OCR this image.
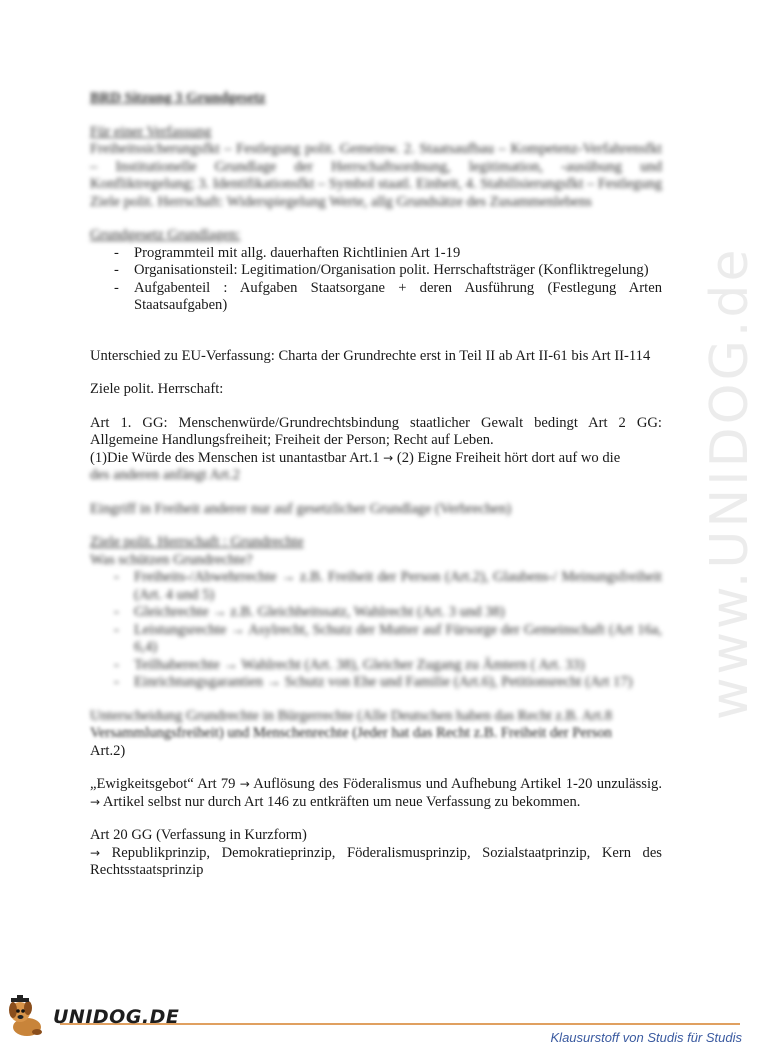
www.UNIDOG.de

BRD Sitzung 3 Grundgesetz

Für einer Verfassung

Freiheitssicherungsfkt – Festlegung polit. Gemeinw. 2. Staatsaufbau – Kompetenz-Verfahrensfkt – Institutionelle Grundlage der Herrschaftsordnung, legitimation, -ausübung und Konfliktregelung; 3. Identifikationsfkt – Symbol staatl. Einheit, 4. Stabilisierungsfkt – Festlegung Ziele polit. Herrschaft: Widerspiegelung Werte, allg Grundsätze des Zusammenlebens

Grundgesetz Grundlagen:

- Programmteil mit allg. dauerhaften Richtlinien Art 1-19
- Organisationsteil: Legitimation/Organisation polit. Herrschaftsträger (Konfliktregelung)
- Aufgabenteil : Aufgaben Staatsorgane + deren Ausführung (Festlegung Arten Staatsaufgaben)

Unterschied zu EU-Verfassung: Charta der Grundrechte erst in Teil II ab Art II-61 bis Art II-114

Ziele polit. Herrschaft:

Art 1. GG: Menschenwürde/Grundrechtsbindung staatlicher Gewalt bedingt Art 2 GG: Allgemeine Handlungsfreiheit; Freiheit der Person; Recht auf Leben.

(1)Die Würde des Menschen ist unantastbar Art.1 → (2) Eigne Freiheit hört dort auf wo die

des anderen anfängt Art.2

Eingriff in Freiheit anderer nur auf gesetzlicher Grundlage (Verbrechen)

Ziele polit. Herrschaft : Grundrechte

Was schützen Grundrechte?

- Freiheits-/Abwehrrechte → z.B. Freiheit der Person (Art.2), Glaubens-/ Meinungsfreiheit (Art. 4 und 5)
- Gleichrechte → z.B. Gleichheitssatz, Wahlrecht (Art. 3 und 38)
- Leistungsrechte → Asylrecht, Schutz der Mutter auf Fürsorge der Gemeinschaft (Art 16a, 6,4)
- Teilhaberechte → Wahlrecht (Art. 38), Gleicher Zugang zu Ämtern ( Art. 33)
- Einrichtungsgarantien → Schutz von Ehe und Familie (Art.6), Petitionsrecht (Art 17)

Unterscheidung Grundrechte in Bürgerrechte (Alle Deutschen haben das Recht z.B. Art.8

Versammlungsfreiheit) und Menschenrechte (Jeder hat das Recht z.B. Freiheit der Person

Art.2)

„Ewigkeitsgebot“ Art 79 → Auflösung des Föderalismus und Aufhebung Artikel 1-20 unzulässig. → Artikel selbst nur durch Art 146 zu entkräften um neue Verfassung zu bekommen.

Art 20 GG (Verfassung in Kurzform)

→ Republikprinzip, Demokratieprinzip, Föderalismusprinzip, Sozialstaatprinzip, Kern des Rechtsstaatsprinzip

UNIDOG.DE
Klausurstoff von Studis für Studis
